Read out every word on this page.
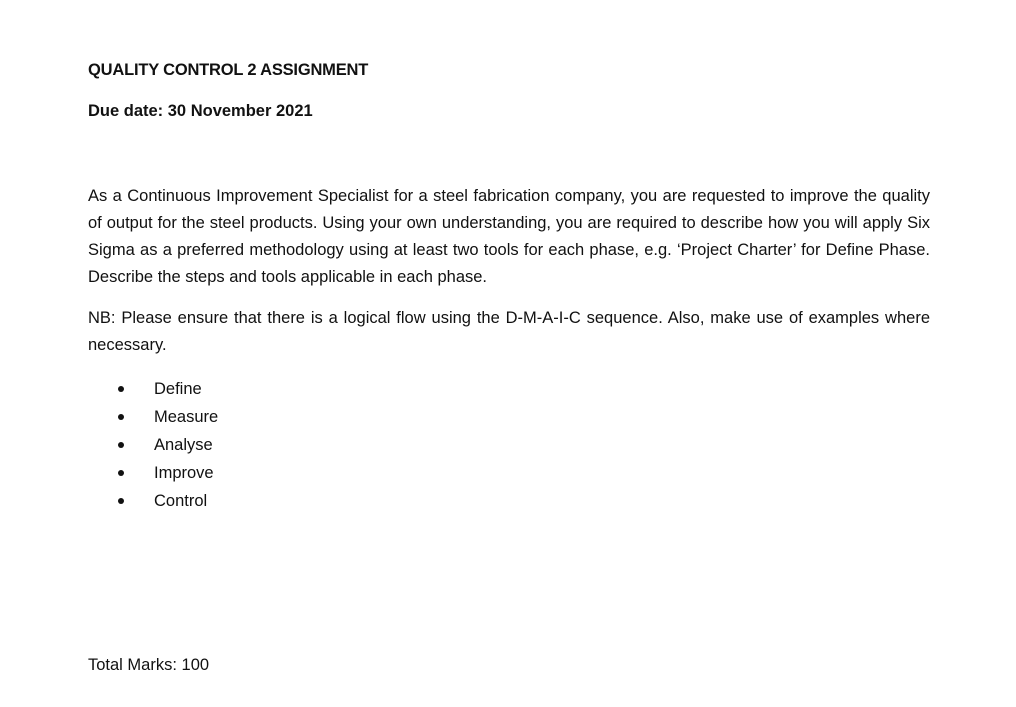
QUALITY CONTROL 2 ASSIGNMENT

Due date: 30 November 2021

As a Continuous Improvement Specialist for a steel fabrication company, you are requested to improve the quality of output for the steel products. Using your own understanding, you are required to describe how you will apply Six Sigma as a preferred methodology using at least two tools for each phase, e.g. ‘Project Charter’ for Define Phase. Describe the steps and tools applicable in each phase.

NB: Please ensure that there is a logical flow using the D-M-A-I-C sequence. Also, make use of examples where necessary.

Define
Measure
Analyse
Improve
Control

Total Marks: 100
